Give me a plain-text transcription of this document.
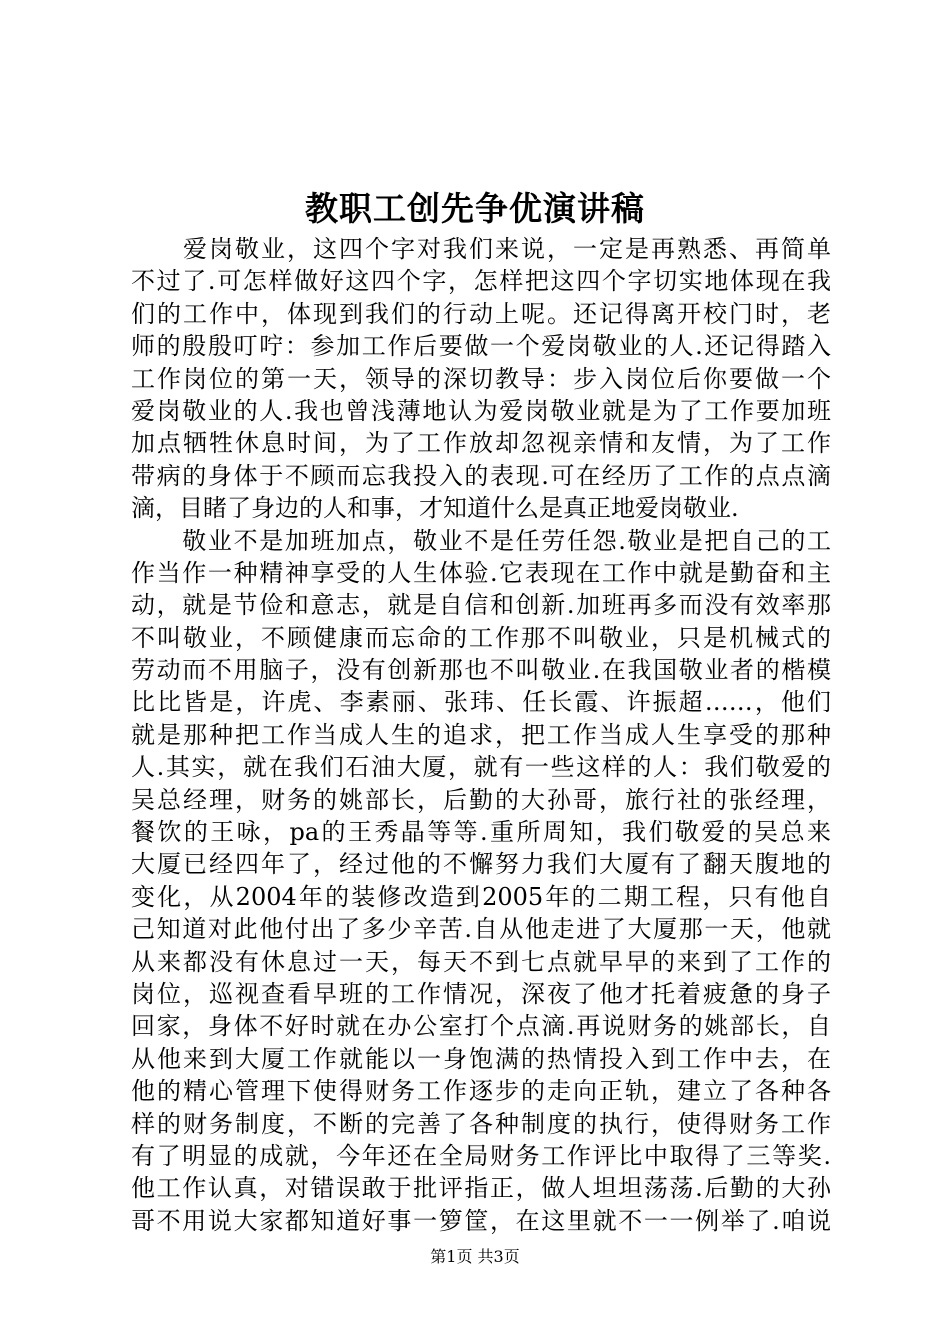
教职工创先争优演讲稿
　　爱岗敬业，这四个字对我们来说，一定是再熟悉、再简单
不过了.可怎样做好这四个字，怎样把这四个字切实地体现在我
们的工作中，体现到我们的行动上呢。还记得离开校门时，老
师的殷殷叮咛：参加工作后要做一个爱岗敬业的人.还记得踏入
工作岗位的第一天，领导的深切教导：步入岗位后你要做一个
爱岗敬业的人.我也曾浅薄地认为爱岗敬业就是为了工作要加班
加点牺牲休息时间，为了工作放却忽视亲情和友情，为了工作
带病的身体于不顾而忘我投入的表现.可在经历了工作的点点滴
滴，目睹了身边的人和事，才知道什么是真正地爱岗敬业.
　　敬业不是加班加点，敬业不是任劳任怨.敬业是把自己的工
作当作一种精神享受的人生体验.它表现在工作中就是勤奋和主
动，就是节俭和意志，就是自信和创新.加班再多而没有效率那
不叫敬业，不顾健康而忘命的工作那不叫敬业，只是机械式的
劳动而不用脑子，没有创新那也不叫敬业.在我国敬业者的楷模
比比皆是，许虎、李素丽、张玮、任长霞、许振超……，他们
就是那种把工作当成人生的追求，把工作当成人生享受的那种
人.其实，就在我们石油大厦，就有一些这样的人：我们敬爱的
吴总经理，财务的姚部长，后勤的大孙哥，旅行社的张经理，
餐饮的王咏，pa的王秀晶等等.重所周知，我们敬爱的吴总来
大厦已经四年了，经过他的不懈努力我们大厦有了翻天腹地的
变化，从2004年的装修改造到2005年的二期工程，只有他自
己知道对此他付出了多少辛苦.自从他走进了大厦那一天，他就
从来都没有休息过一天，每天不到七点就早早的来到了工作的
岗位，巡视查看早班的工作情况，深夜了他才托着疲惫的身子
回家，身体不好时就在办公室打个点滴.再说财务的姚部长，自
从他来到大厦工作就能以一身饱满的热情投入到工作中去，在
他的精心管理下使得财务工作逐步的走向正轨，建立了各种各
样的财务制度，不断的完善了各种制度的执行，使得财务工作
有了明显的成就，今年还在全局财务工作评比中取得了三等奖.
他工作认真，对错误敢于批评指正，做人坦坦荡荡.后勤的大孙
哥不用说大家都知道好事一箩筐，在这里就不一一例举了.咱说
第1页 共3页
